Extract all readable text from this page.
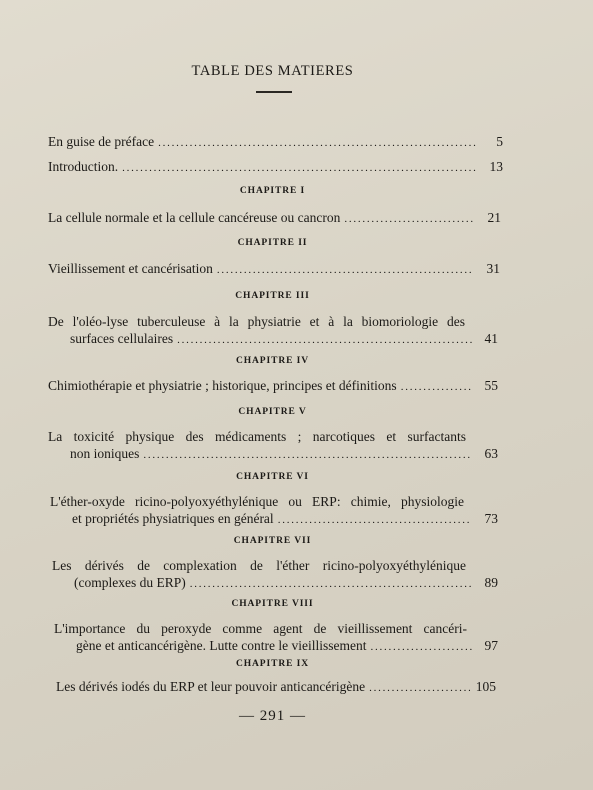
TABLE DES MATIERES
En guise de préface . . .	5
Introduction. . . .	13
CHAPITRE I
La cellule normale et la cellule cancéreuse ou cancron . . .	21
CHAPITRE II
Vieillissement et cancérisation . . .	31
CHAPITRE III
De l'oléo-lyse tuberculeuse à la physiatrie et à la biomoriologie des
surfaces cellulaires . . .	41
CHAPITRE IV
Chimiothérapie et physiatrie ; historique, principes et définitions . . .	55
CHAPITRE V
La toxicité physique des médicaments ; narcotiques et surfactants
non ioniques . . .	63
CHAPITRE VI
L'éther-oxyde ricino-polyoxyéthylénique ou ERP: chimie, physiologie
et propriétés physiatriques en général . . .	73
CHAPITRE VII
Les dérivés de complexation de l'éther ricino-polyoxyéthylénique
(complexes du ERP) . . .	89
CHAPITRE VIII
L'importance du peroxyde comme agent de vieillissement cancéri-
gène et anticancérigène. Lutte contre le vieillissement . . .	97
CHAPITRE IX
Les dérivés iodés du ERP et leur pouvoir anticancérigène . . .	105
— 291 —
